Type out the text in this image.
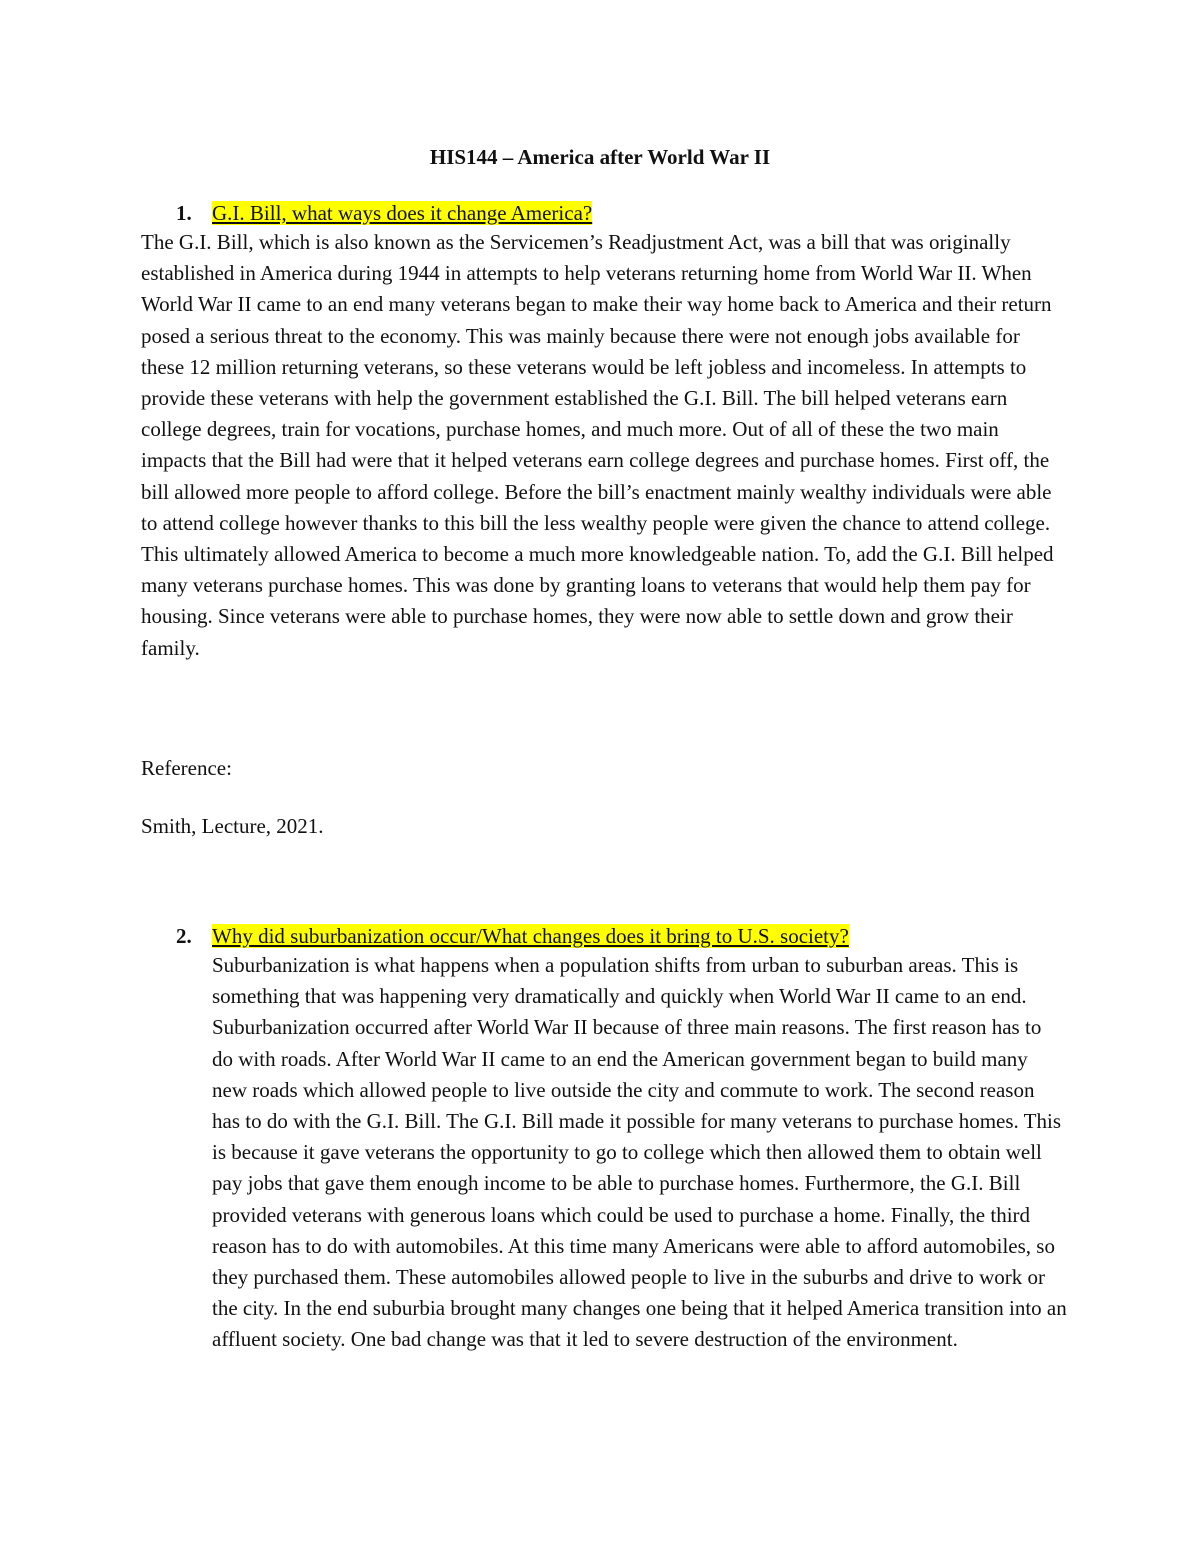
HIS144 – America after World War II
1. G.I. Bill, what ways does it change America?
The G.I. Bill, which is also known as the Servicemen’s Readjustment Act, was a bill that was originally established in America during 1944 in attempts to help veterans returning home from World War II. When World War II came to an end many veterans began to make their way home back to America and their return posed a serious threat to the economy. This was mainly because there were not enough jobs available for these 12 million returning veterans, so these veterans would be left jobless and incomeless. In attempts to provide these veterans with help the government established the G.I. Bill. The bill helped veterans earn college degrees, train for vocations, purchase homes, and much more. Out of all of these the two main impacts that the Bill had were that it helped veterans earn college degrees and purchase homes. First off, the bill allowed more people to afford college. Before the bill’s enactment mainly wealthy individuals were able to attend college however thanks to this bill the less wealthy people were given the chance to attend college. This ultimately allowed America to become a much more knowledgeable nation. To, add the G.I. Bill helped many veterans purchase homes. This was done by granting loans to veterans that would help them pay for housing. Since veterans were able to purchase homes, they were now able to settle down and grow their family.
Reference:
Smith, Lecture, 2021.
2. Why did suburbanization occur/What changes does it bring to U.S. society?
Suburbanization is what happens when a population shifts from urban to suburban areas. This is something that was happening very dramatically and quickly when World War II came to an end. Suburbanization occurred after World War II because of three main reasons. The first reason has to do with roads. After World War II came to an end the American government began to build many new roads which allowed people to live outside the city and commute to work. The second reason has to do with the G.I. Bill. The G.I. Bill made it possible for many veterans to purchase homes. This is because it gave veterans the opportunity to go to college which then allowed them to obtain well pay jobs that gave them enough income to be able to purchase homes. Furthermore, the G.I. Bill provided veterans with generous loans which could be used to purchase a home. Finally, the third reason has to do with automobiles. At this time many Americans were able to afford automobiles, so they purchased them. These automobiles allowed people to live in the suburbs and drive to work or the city. In the end suburbia brought many changes one being that it helped America transition into an affluent society. One bad change was that it led to severe destruction of the environment.
